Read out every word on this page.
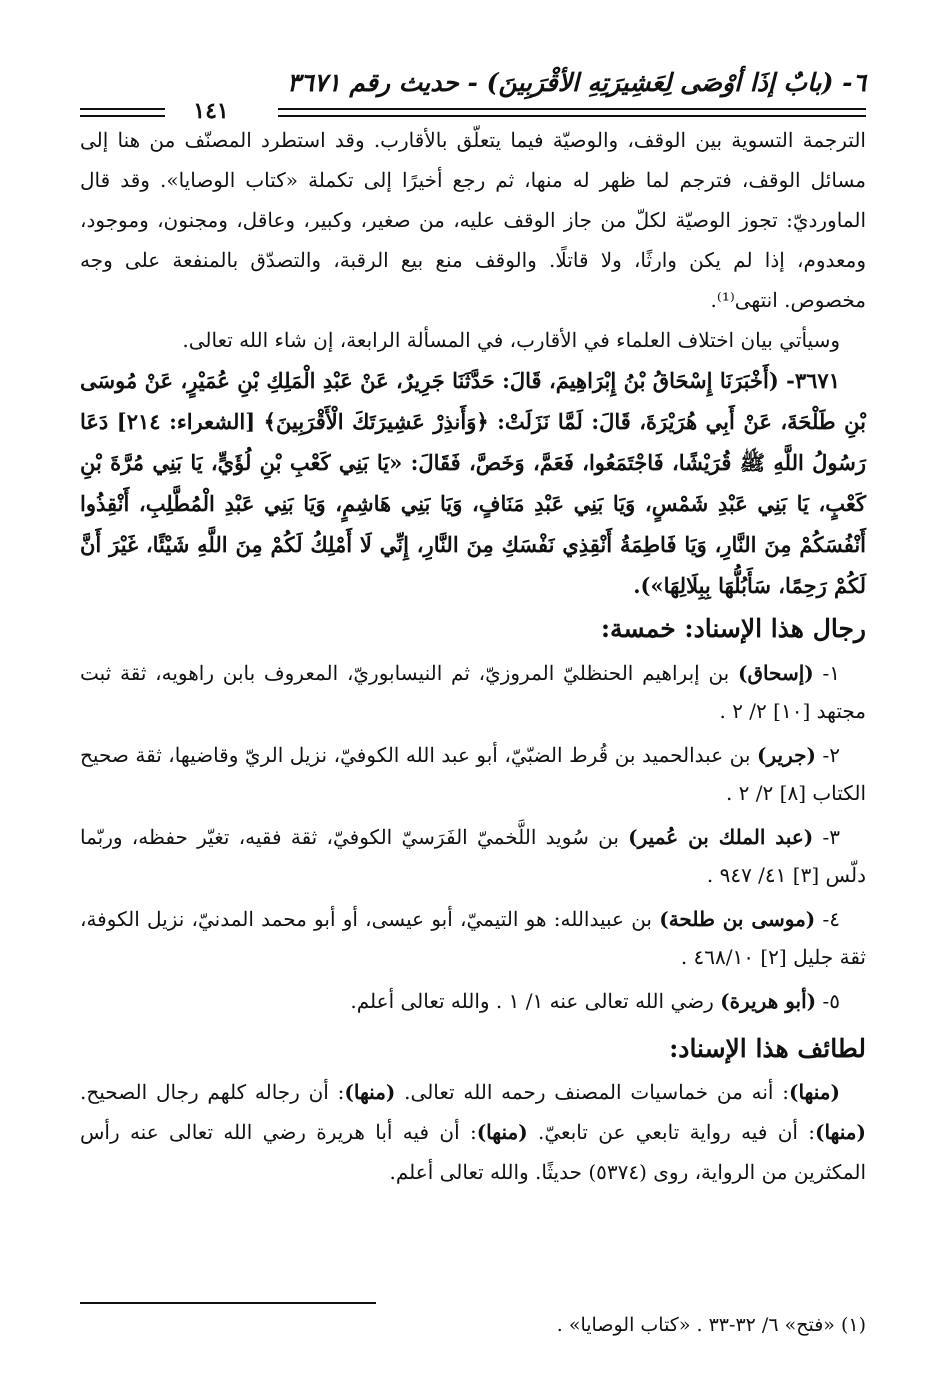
٦- (بابٌ إذَا أوْصَى لِعَشِيرَتِهِ الأقْرَبِينَ) - حديث رقم ٣٦٧١
١٤١

الترجمة التسوية بين الوقف، والوصيّة فيما يتعلّق بالأقارب. وقد استطرد المصنّف من هنا إلى مسائل الوقف، فترجم لما ظهر له منها، ثم رجع أخيرًا إلى تكملة «كتاب الوصايا». وقد قال الماورديّ: تجوز الوصيّة لكلّ من جاز الوقف عليه، من صغير، وكبير، وعاقل، ومجنون، وموجود، ومعدوم، إذا لم يكن وارثًا، ولا قاتلًا. والوقف منع بيع الرقبة، والتصدّق بالمنفعة على وجه مخصوص. انتهى⁽¹⁾.

وسيأتي بيان اختلاف العلماء في الأقارب، في المسألة الرابعة، إن شاء الله تعالى.

٣٦٧١- (أَخْبَرَنَا إِسْحَاقُ بْنُ إِبْرَاهِيمَ، قَالَ: حَدَّثَنَا جَرِيرٌ، عَنْ عَبْدِ الْمَلِكِ بْنِ عُمَيْرٍ، عَنْ مُوسَى بْنِ طَلْحَةَ، عَنْ أَبِي هُرَيْرَةَ، قَالَ: لَمَّا نَزَلَتْ: ﴿وَأَنذِرْ عَشِيرَتَكَ الْأَقْرَبِينَ﴾ [الشعراء: ٢١٤] دَعَا رَسُولُ اللَّهِ ﷺ قُرَيْشًا، فَاجْتَمَعُوا، فَعَمَّ، وَخَصَّ، فَقَالَ: «يَا بَنِي كَعْبِ بْنِ لُؤَيٍّ، يَا بَنِي مُرَّةَ بْنِ كَعْبٍ، يَا بَنِي عَبْدِ شَمْسٍ، وَيَا بَنِي عَبْدِ مَنَافٍ، وَيَا بَنِي هَاشِمٍ، وَيَا بَنِي عَبْدِ الْمُطَّلِبِ، أَنْقِذُوا أَنْفُسَكُمْ مِنَ النَّارِ، وَيَا فَاطِمَةُ أَنْقِذِي نَفْسَكِ مِنَ النَّارِ، إِنِّي لَا أَمْلِكُ لَكُمْ مِنَ اللَّهِ شَيْئًا، غَيْرَ أَنَّ لَكُمْ رَحِمًا، سَأَبُلُّهَا بِبِلَالِهَا»).

رجال هذا الإسناد: خمسة:

١- (إسحاق) بن إبراهيم الحنظليّ المروزيّ، ثم النيسابوريّ، المعروف بابن راهويه، ثقة ثبت مجتهد [١٠] ٢/ ٢ .

٢- (جرير) بن عبدالحميد بن قُرط الضبّيّ، أبو عبد الله الكوفيّ، نزيل الريّ وقاضيها، ثقة صحيح الكتاب [٨] ٢/ ٢ .

٣- (عبد الملك بن عُمير) بن سُويد اللَّخميّ الفَرَسيّ الكوفيّ، ثقة فقيه، تغيّر حفظه، وربّما دلّس [٣] ٤١/ ٩٤٧ .

٤- (موسى بن طلحة) بن عبيدالله: هو التيميّ، أبو عيسى، أو أبو محمد المدنيّ، نزيل الكوفة، ثقة جليل [٢] ٤٦٨/١٠ .

٥- (أبو هريرة) رضي الله تعالى عنه ١/ ١ . والله تعالى أعلم.

لطائف هذا الإسناد:

(منها): أنه من خماسيات المصنف رحمه الله تعالى. (منها): أن رجاله كلهم رجال الصحيح. (منها): أن فيه رواية تابعي عن تابعيّ. (منها): أن فيه أبا هريرة رضي الله تعالى عنه رأس المكثرين من الرواية، روى (٥٣٧٤) حديثًا. والله تعالى أعلم.

(١) «فتح» ٦/ ٣٢-٣٣ . «كتاب الوصايا» .
